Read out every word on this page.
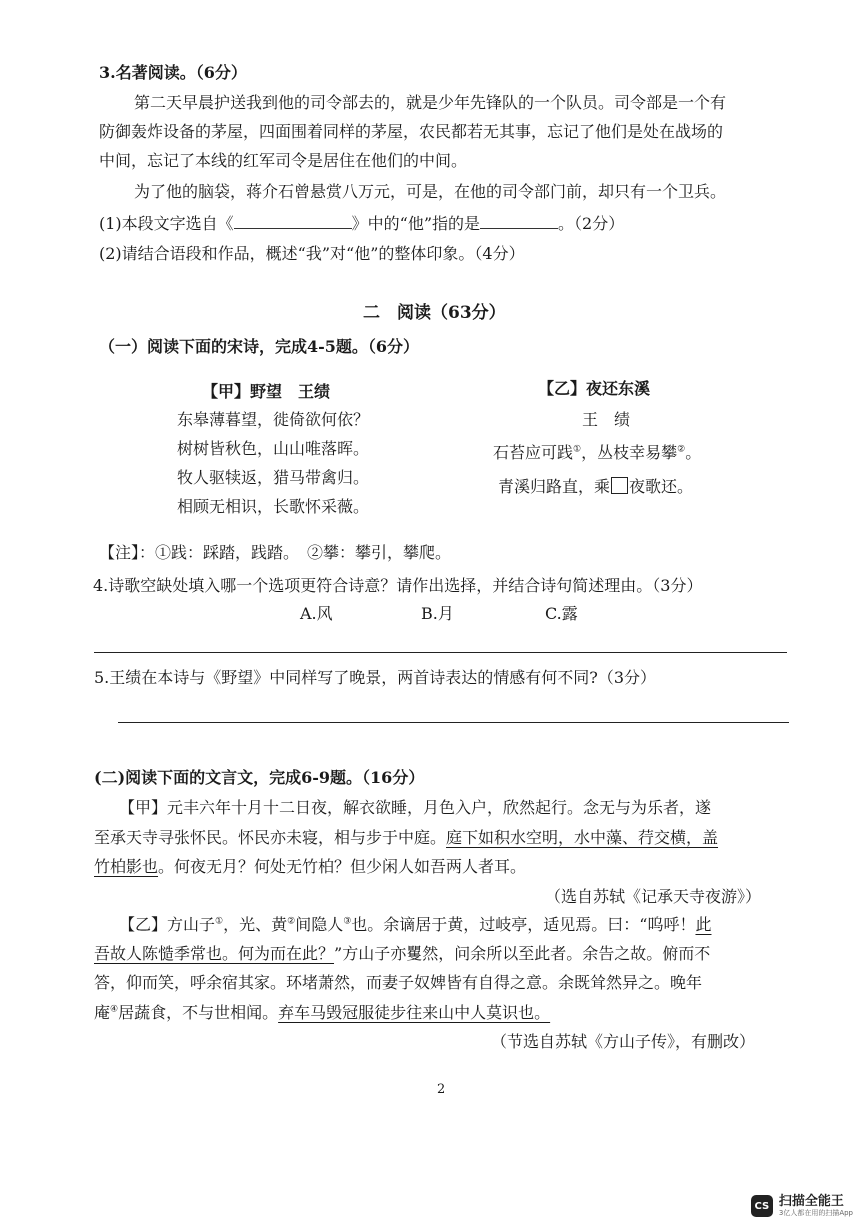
3.名著阅读。（6分）
第二天早晨护送我到他的司令部去的，就是少年先锋队的一个队员。司令部是一个有
防御轰炸设备的茅屋，四面围着同样的茅屋，农民都若无其事，忘记了他们是处在战场的
中间，忘记了本线的红军司令是居住在他们的中间。
为了他的脑袋，蒋介石曾悬赏八万元，可是，在他的司令部门前，却只有一个卫兵。
(1)本段文字选自《	》中的“他”指的是	。（2分）
(2)请结合语段和作品，概述“我”对“他”的整体印象。（4分）
二　阅读（63分）
（一）阅读下面的宋诗，完成4-5题。（6分）
【甲】野望　王绩
东皋薄暮望，徙倚欲何依？
树树皆秋色，山山唯落晖。
牧人驱犊返，猎马带禽归。
相顾无相识，长歌怀采薇。
【乙】夜还东溪
王　绩
石苔应可践①，丛枝幸易攀②。
青溪归路直，乘 夜歌还。
【注】：①践：踩踏，践踏。　②攀：攀引，攀爬。
4.诗歌空缺处填入哪一个选项更符合诗意？请作出选择，并结合诗句简述理由。（3分）
A.风	B.月	C.露
5.王绩在本诗与《野望》中同样写了晚景，两首诗表达的情感有何不同?（3分）
(二)阅读下面的文言文，完成6-9题。（16分）
【甲】元丰六年十月十二日夜，解衣欲睡，月色入户，欣然起行。念无与为乐者，遂
至承天寺寻张怀民。怀民亦未寝，相与步于中庭。庭下如积水空明，水中藻、荇交横，盖
竹柏影也。何夜无月？何处无竹柏？但少闲人如吾两人者耳。
（选自苏轼《记承天寺夜游》）
【乙】方山子①，光、黄②间隐人③也。余谪居于黄，过岐亭，适见焉。曰：“呜呼！此
吾故人陈慥季常也。何为而在此？”方山子亦矍然，问余所以至此者。余告之故。俯而不
答，仰而笑，呼余宿其家。环堵萧然，而妻子奴婢皆有自得之意。余既耸然异之。晚年
庵④居蔬食，不与世相闻。弃车马毁冠服徒步往来山中人莫识也。
（节选自苏轼《方山子传》，有删改）
2
CS 扫描全能王
3亿人都在用的扫描App
